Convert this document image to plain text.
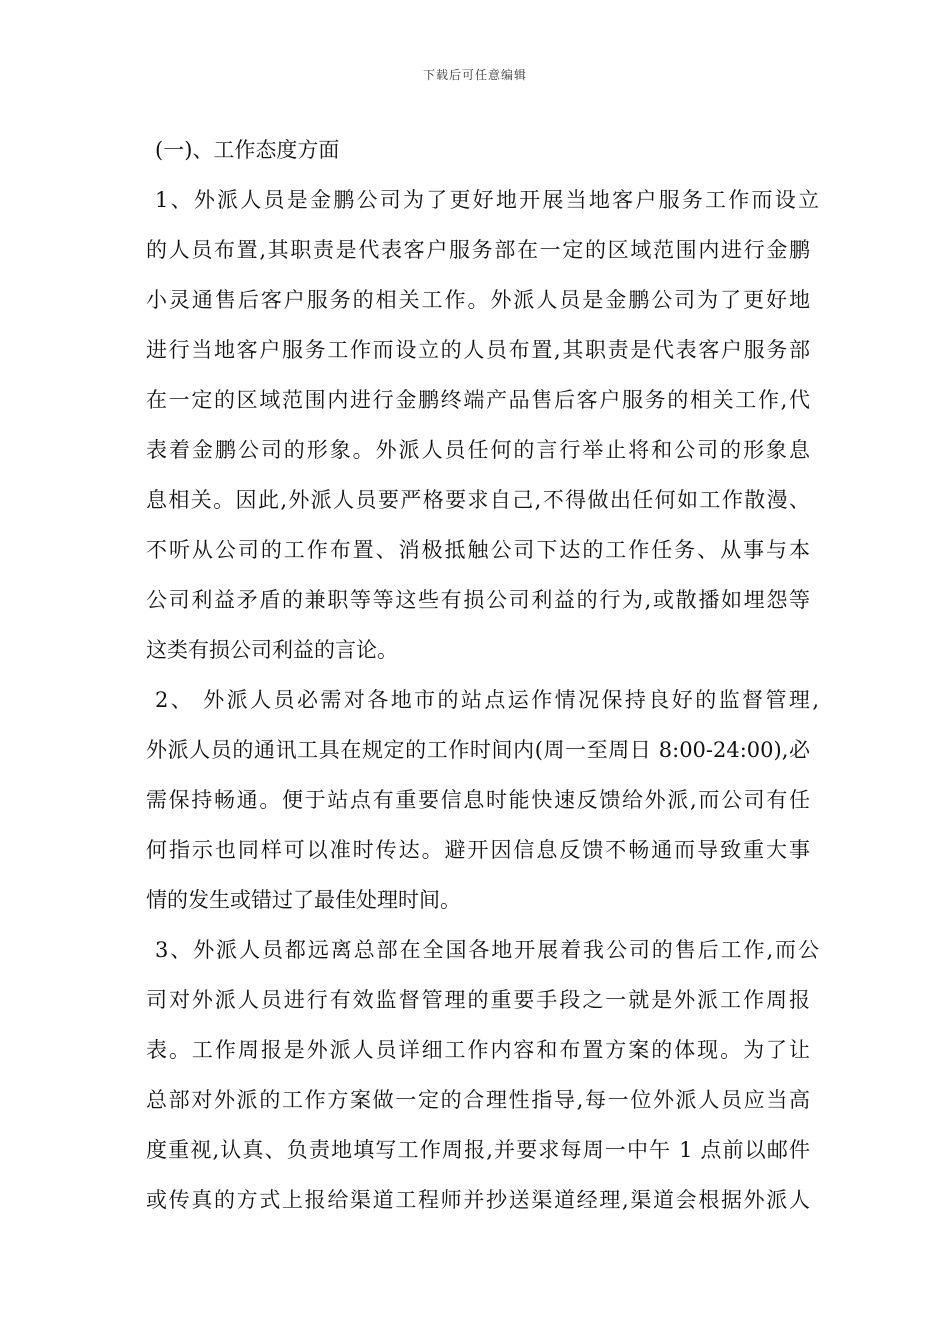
下载后可任意编辑
(一)、工作态度方面
1、外派人员是金鹏公司为了更好地开展当地客户服务工作而设立
的人员布置,其职责是代表客户服务部在一定的区域范围内进行金鹏
小灵通售后客户服务的相关工作。外派人员是金鹏公司为了更好地
进行当地客户服务工作而设立的人员布置,其职责是代表客户服务部
在一定的区域范围内进行金鹏终端产品售后客户服务的相关工作,代
表着金鹏公司的形象。外派人员任何的言行举止将和公司的形象息
息相关。因此,外派人员要严格要求自己,不得做出任何如工作散漫、
不听从公司的工作布置、消极抵触公司下达的工作任务、从事与本
公司利益矛盾的兼职等等这些有损公司利益的行为,或散播如埋怨等
这类有损公司利益的言论。
2、 外派人员必需对各地市的站点运作情况保持良好的监督管理,
外派人员的通讯工具在规定的工作时间内(周一至周日 8:00-24:00),必
需保持畅通。便于站点有重要信息时能快速反馈给外派,而公司有任
何指示也同样可以准时传达。避开因信息反馈不畅通而导致重大事
情的发生或错过了最佳处理时间。
3、外派人员都远离总部在全国各地开展着我公司的售后工作,而公
司对外派人员进行有效监督管理的重要手段之一就是外派工作周报
表。工作周报是外派人员详细工作内容和布置方案的体现。为了让
总部对外派的工作方案做一定的合理性指导,每一位外派人员应当高
度重视,认真、负责地填写工作周报,并要求每周一中午 1 点前以邮件
或传真的方式上报给渠道工程师并抄送渠道经理,渠道会根据外派人
